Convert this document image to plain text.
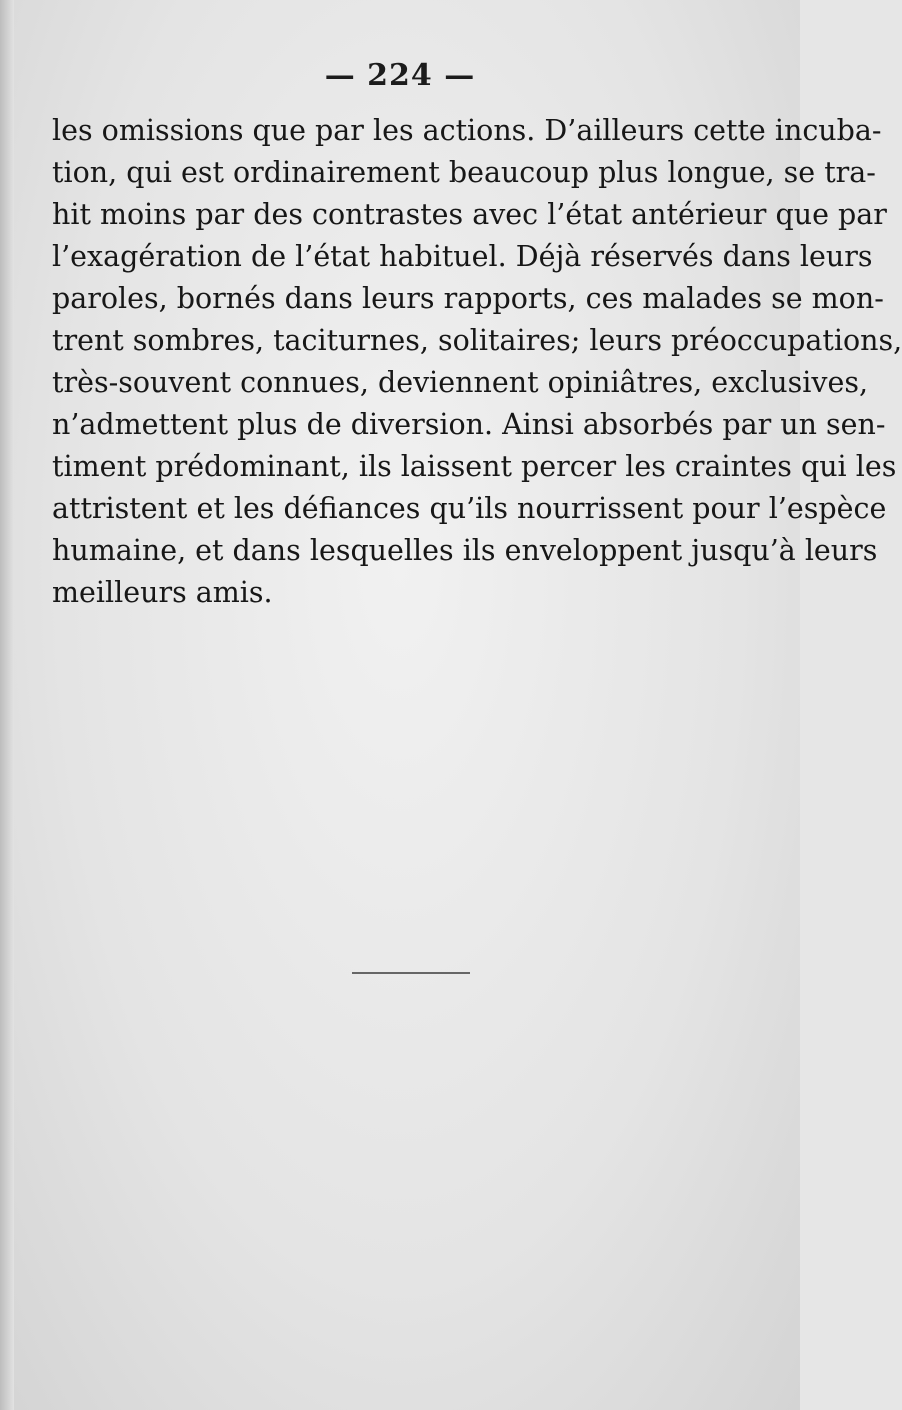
— 224 —
les omissions que par les actions. D’ailleurs cette incuba-
tion, qui est ordinairement beaucoup plus longue, se tra-
hit moins par des contrastes avec l’état antérieur que par
l’exagération de l’état habituel. Déjà réservés dans leurs
paroles, bornés dans leurs rapports, ces malades se mon-
trent sombres, taciturnes, solitaires; leurs préoccupations,
très-souvent connues, deviennent opiniâtres, exclusives,
n’admettent plus de diversion. Ainsi absorbés par un sen-
timent prédominant, ils laissent percer les craintes qui les
attristent et les défiances qu’ils nourrissent pour l’espèce
humaine, et dans lesquelles ils enveloppent jusqu’à leurs
meilleurs amis.
